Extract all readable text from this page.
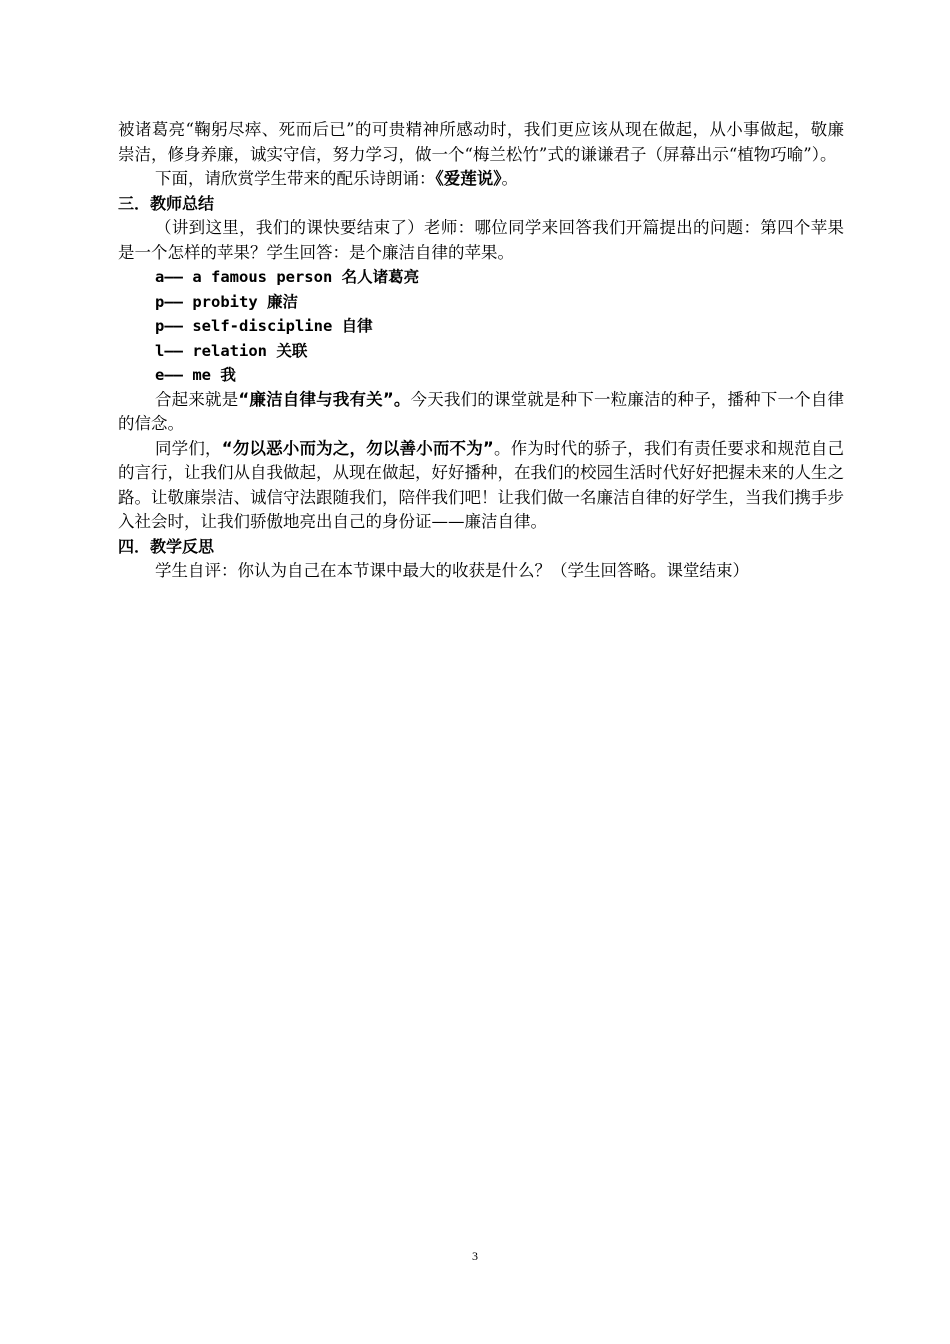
被诸葛亮“鞠躬尽瘁、死而后已”的可贵精神所感动时，我们更应该从现在做起，从小事做起，敬廉崇洁，修身养廉，诚实守信，努力学习，做一个“梅兰松竹”式的谦谦君子（屏幕出示“植物巧喻”）。

下面，请欣赏学生带来的配乐诗朗诵：《爱莲说》。

三．教师总结

（讲到这里，我们的课快要结束了）老师：哪位同学来回答我们开篇提出的问题：第四个苹果是一个怎样的苹果？学生回答：是个廉洁自律的苹果。

a—— a famous person 名人诸葛亮

p—— probity 廉洁

p—— self-discipline 自律

l—— relation 关联

e—— me 我

合起来就是“廉洁自律与我有关”。今天我们的课堂就是种下一粒廉洁的种子，播种下一个自律的信念。

同学们，“勿以恶小而为之，勿以善小而不为”。作为时代的骄子，我们有责任要求和规范自己的言行，让我们从自我做起，从现在做起，好好播种，在我们的校园生活时代好好把握未来的人生之路。让敬廉崇洁、诚信守法跟随我们，陪伴我们吧！让我们做一名廉洁自律的好学生，当我们携手步入社会时，让我们骄傲地亮出自己的身份证——廉洁自律。

四．教学反思

学生自评：你认为自己在本节课中最大的收获是什么？（学生回答略。课堂结束）

3
